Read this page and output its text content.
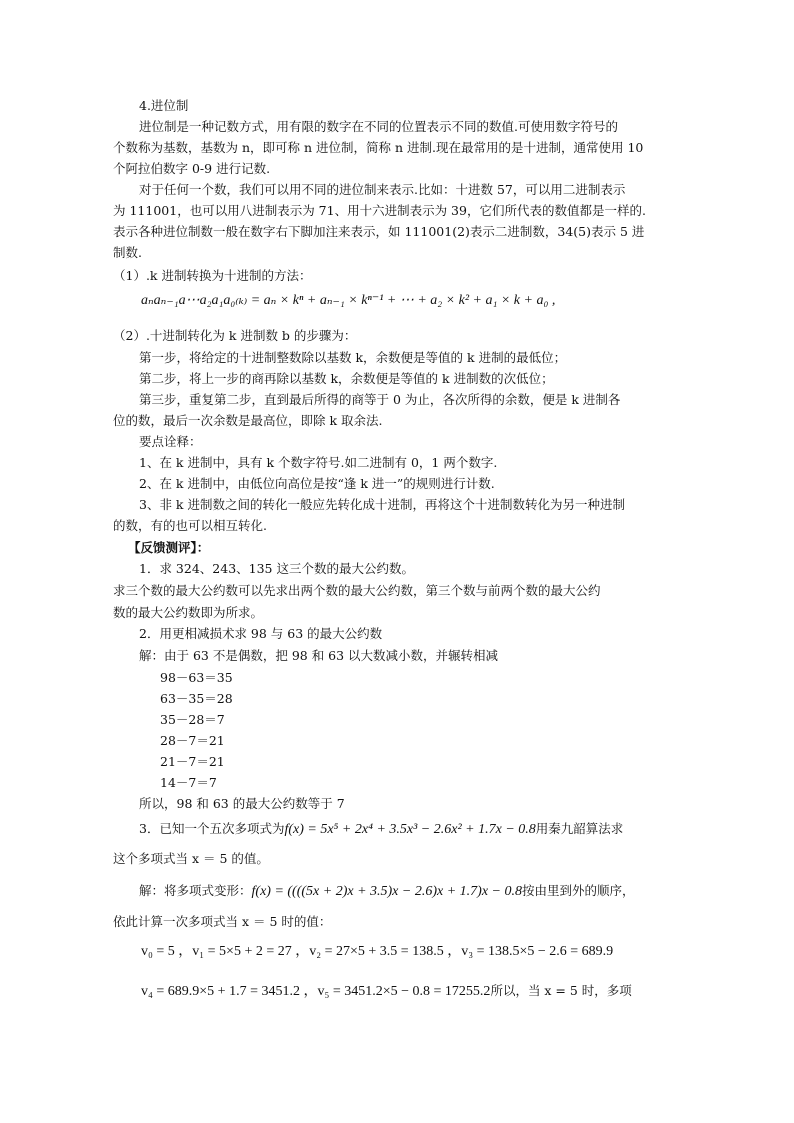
4.进位制
进位制是一种记数方式，用有限的数字在不同的位置表示不同的数值.可使用数字符号的
个数称为基数，基数为 n，即可称 n 进位制，简称 n 进制.现在最常用的是十进制，通常使用 10
个阿拉伯数字 0-9 进行记数.
对于任何一个数，我们可以用不同的进位制来表示.比如：十进数 57，可以用二进制表示
为 111001，也可以用八进制表示为 71、用十六进制表示为 39，它们所代表的数值都是一样的.
表示各种进位制数一般在数字右下脚加注来表示，如 111001(2)表示二进制数，34(5)表示 5 进
制数.
（1）.k 进制转换为十进制的方法：
aₙaₙ₋₁a⋯a₂a₁a₀₍ₖ₎ = aₙ × kⁿ + aₙ₋₁ × kⁿ⁻¹ + ⋯ + a₂ × k² + a₁ × k + a₀ ,
（2）.十进制转化为 k 进制数 b 的步骤为：
第一步，将给定的十进制整数除以基数 k，余数便是等值的 k 进制的最低位；
第二步，将上一步的商再除以基数 k，余数便是等值的 k 进制数的次低位；
第三步，重复第二步，直到最后所得的商等于 0 为止，各次所得的余数，便是 k 进制各
位的数，最后一次余数是最高位，即除 k 取余法.
要点诠释：
1、在 k 进制中，具有 k 个数字符号.如二进制有 0，1 两个数字.
2、在 k 进制中，由低位向高位是按“逢 k 进一”的规则进行计数.
3、非 k 进制数之间的转化一般应先转化成十进制，再将这个十进制数转化为另一种进制
的数，有的也可以相互转化.
【反馈测评】：
1．求 324、243、135 这三个数的最大公约数。
求三个数的最大公约数可以先求出两个数的最大公约数，第三个数与前两个数的最大公约
数的最大公约数即为所求。
2．用更相减损术求 98 与 63 的最大公约数
解：由于 63 不是偶数，把 98 和 63 以大数减小数，并辗转相减
98－63＝35
63－35＝28
35－28＝7
28－7＝21
21－7＝21
14－7＝7
所以，98 和 63 的最大公约数等于 7
3．已知一个五次多项式为f(x) = 5x⁵ + 2x⁴ + 3.5x³ − 2.6x² + 1.7x − 0.8用秦九韶算法求
这个多项式当 x ＝ 5 的值。
解：将多项式变形：f(x) = ((((5x + 2)x + 3.5)x − 2.6)x + 1.7)x − 0.8按由里到外的顺序，
依此计算一次多项式当 x ＝ 5 时的值：
v₀ = 5 ，v₁ = 5×5 + 2 = 27 ，v₂ = 27×5 + 3.5 = 138.5 ，v₃ = 138.5×5 − 2.6 = 689.9
v₄ = 689.9×5 + 1.7 = 3451.2 ，v₅ = 3451.2×5 − 0.8 = 17255.2所以，当 x = 5 时，多项
